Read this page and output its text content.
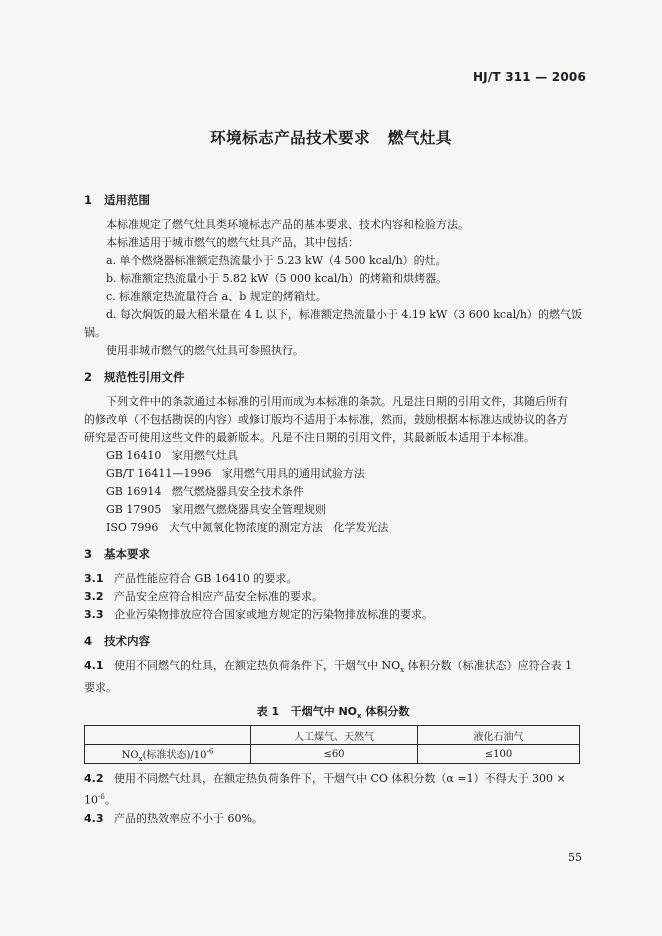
HJ/T 311 — 2006
环境标志产品技术要求   燃气灶具
1 适用范围

本标准规定了燃气灶具类环境标志产品的基本要求、技术内容和检验方法。

本标准适用于城市燃气的燃气灶具产品，其中包括：

a. 单个燃烧器标准额定热流量小于 5.23 kW（4 500 kcal/h）的灶。

b. 标准额定热流量小于 5.82 kW（5 000 kcal/h）的烤箱和烘烤器。

c. 标准额定热流量符合 a、b 规定的烤箱灶。

d. 每次焖饭的最大稻米量在 4 L 以下，标准额定热流量小于 4.19 kW（3 600 kcal/h）的燃气饭

锅。

使用非城市燃气的燃气灶具可参照执行。

2 规范性引用文件

下列文件中的条款通过本标准的引用而成为本标准的条款。凡是注日期的引用文件，其随后所有

的修改单（不包括勘误的内容）或修订版均不适用于本标准，然而，鼓励根据本标准达成协议的各方

研究是否可使用这些文件的最新版本。凡是不注日期的引用文件，其最新版本适用于本标准。

GB 16410   家用燃气灶具

GB/T 16411—1996   家用燃气用具的通用试验方法

GB 16914   燃气燃烧器具安全技术条件

GB 17905   家用燃气燃烧器具安全管理规则

ISO 7996   大气中氮氧化物浓度的测定方法   化学发光法

3 基本要求

3.1 产品性能应符合 GB 16410 的要求。

3.2 产品安全应符合相应产品安全标准的要求。

3.3 企业污染物排放应符合国家或地方规定的污染物排放标准的要求。

4 技术内容

4.1 使用不同燃气的灶具，在额定热负荷条件下，干烟气中 $NO_x$ 体积分数（标准状态）应符合表 1

要求。

表 1   干烟气中 $NO_x$ 体积分数
	人工煤气、天然气	液化石油气
$NO_x$(标准状态)$/10^{-6}$	≤60	≤100

4.2 使用不同燃气灶具，在额定热负荷条件下，干烟气中 CO 体积分数（α =1）不得大于 300 ×

$10^{-6}$。

4.3 产品的热效率应不小于 60%。

55
